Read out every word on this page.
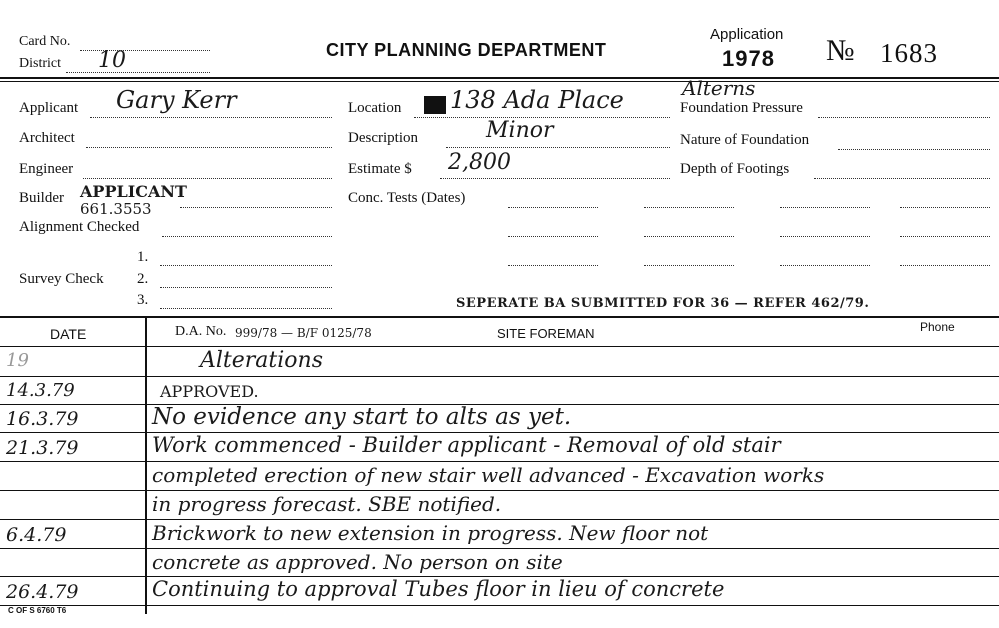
Card No.
District 10	CITY PLANNING DEPARTMENT
Application
1978 № 1683
Applicant Gary Kerr
Architect
Engineer
Builder APPLICANT
661.3553
Alignment Checked
1.
Survey Check 2.
3.
Location 138 Ada Place
Description	Minor
Estimate $ 2,800
Conc. Tests (Dates)
Alterns
Foundation Pressure
Nature of Foundation
Depth of Footings
SEPERATE BA SUBMITTED FOR 36 — REFER 462/79.
DATE	D.A. No. 999/78 — B/F 0125/78	SITE FOREMAN	Phone
19	Alterations
14.3.79	APPROVED.
16.3.79	No evidence any start to alts as yet.
21.3.79	Work commenced - Builder applicant - Removal of old stair
completed erection of new stair well advanced - Excavation works
in progress forecast. SBE notified.
6.4.79	Brickwork to new extension in progress. New floor not
concrete as approved. No person on site
26.4.79	Continuing to approval Tubes floor in lieu of concrete
C OF S 6760 T6
